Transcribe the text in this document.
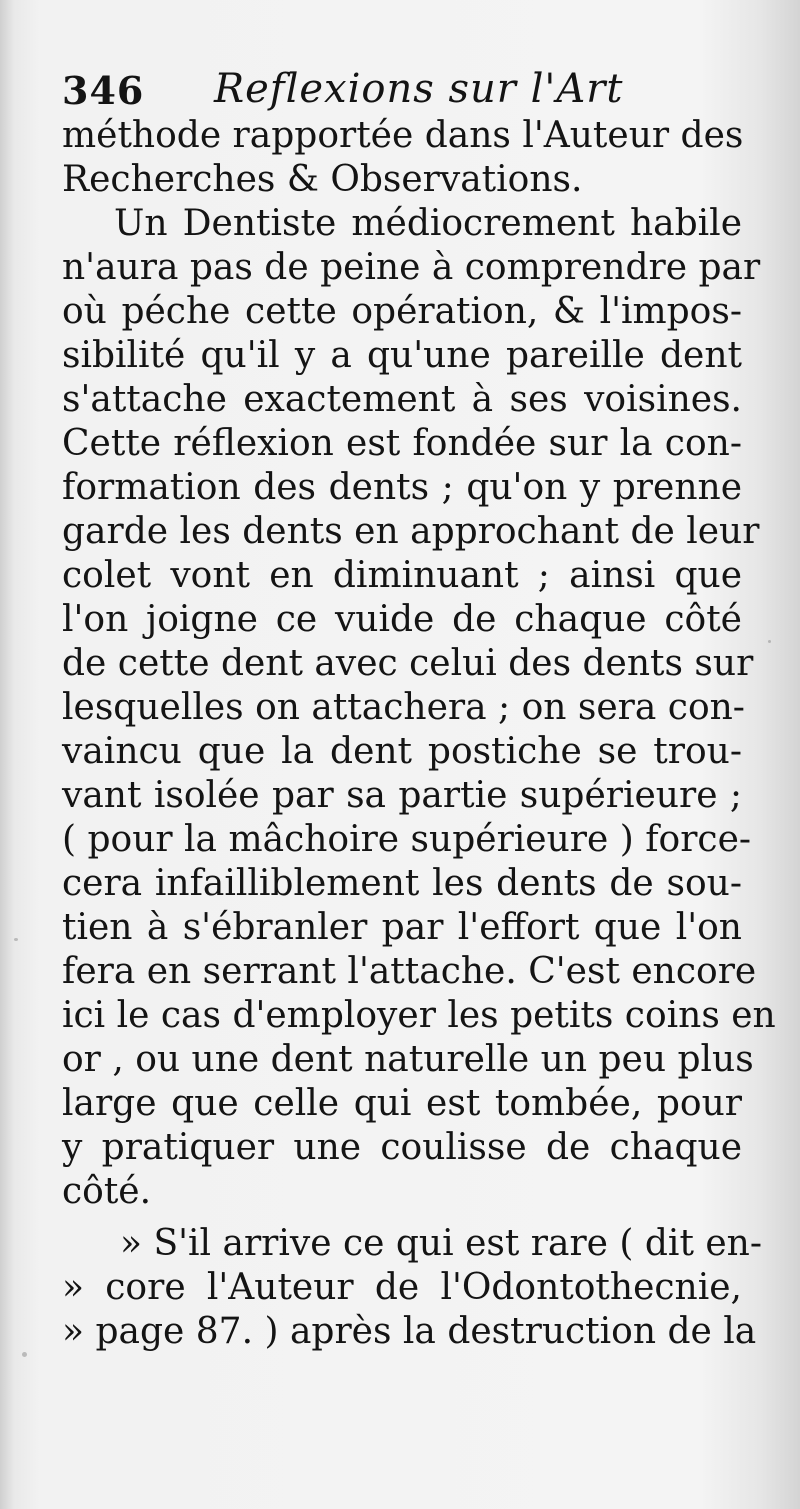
346 Reflexions sur l'Art
méthode rapportée dans l'Auteur des
Recherches & Observations.
Un Dentiste médiocrement habile
n'aura pas de peine à comprendre par
où péche cette opération, & l'impos-
sibilité qu'il y a qu'une pareille dent
s'attache exactement à ses voisines.
Cette réflexion est fondée sur la con-
formation des dents ; qu'on y prenne
garde les dents en approchant de leur
colet vont en diminuant ; ainsi que
l'on joigne ce vuide de chaque côté
de cette dent avec celui des dents sur
lesquelles on attachera ; on sera con-
vaincu que la dent postiche se trou-
vant isolée par sa partie supérieure ;
( pour la mâchoire supérieure ) force-
cera infailliblement les dents de sou-
tien à s'ébranler par l'effort que l'on
fera en serrant l'attache. C'est encore
ici le cas d'employer les petits coins en
or , ou une dent naturelle un peu plus
large que celle qui est tombée, pour
y pratiquer une coulisse de chaque
côté.
» S'il arrive ce qui est rare ( dit en-
» core l'Auteur de l'Odontothecnie,
» page 87. ) après la destruction de la
